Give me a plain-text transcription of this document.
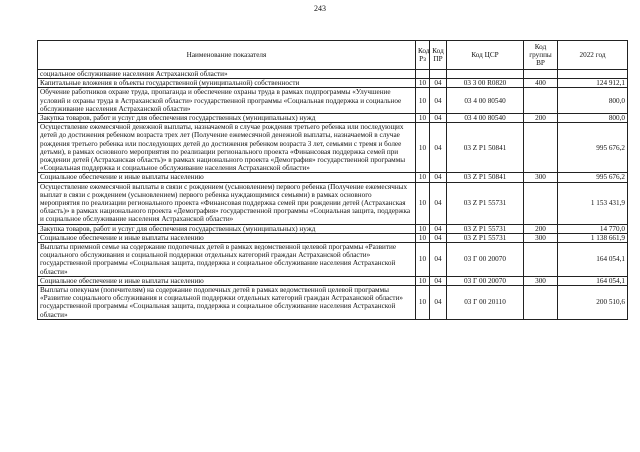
243
Наименование показателя	Код Рз	Код ПР	Код ЦСР	Код группы ВР	2022 год
социальное обслуживание населения Астраханской области»					
Капитальные вложения в объекты государственной (муниципальной) собственности	10	04	03 3 00 R0820	400	124 912,1
Обучение работников охране труда, пропаганда и обеспечение охраны труда в рамках подпрограммы «Улучшение условий и охраны труда в Астраханской области» государственной программы «Социальная поддержка и социальное обслуживание населения Астраханской области»	10	04	03 4 00 80540		800,0
Закупка товаров, работ и услуг для обеспечения государственных (муниципальных) нужд	10	04	03 4 00 80540	200	800,0
Осуществление ежемесячной денежной выплаты, назначаемой в случае рождения третьего ребенка или последующих детей до достижения ребенком возраста трех лет (Получение ежемесячной денежной выплаты, назначаемой в случае рождения третьего ребенка или последующих детей до достижения ребенком возраста 3 лет, семьями с тремя и более детьми), в рамках основного мероприятия по реализации регионального проекта «Финансовая поддержка семей при рождении детей (Астраханская область)» в рамках национального проекта «Демография» государственной программы «Социальная поддержка и социальное обслуживание населения Астраханской области»	10	04	03 Z P1 50841		995 676,2
Социальное обеспечение и иные выплаты населению	10	04	03 Z P1 50841	300	995 676,2
Осуществление ежемесячной выплаты в связи с рождением (усыновлением) первого ребенка (Получение ежемесячных выплат в связи с рождением (усыновлением) первого ребенка нуждающимися семьями) в рамках основного мероприятия по реализации регионального проекта «Финансовая поддержка семей при рождении детей (Астраханская область)» в рамках национального проекта «Демография» государственной программы «Социальная защита, поддержка и социальное обслуживание населения Астраханской области»	10	04	03 Z P1 55731		1 153 431,9
Закупка товаров, работ и услуг для обеспечения государственных (муниципальных) нужд	10	04	03 Z P1 55731	200	14 770,0
Социальное обеспечение и иные выплаты населению	10	04	03 Z P1 55731	300	1 138 661,9
Выплаты приемной семье на содержание подопечных детей в рамках ведомственной целевой программы «Развитие социального обслуживания и социальной поддержки отдельных категорий граждан Астраханской области» государственной программы «Социальная защита, поддержка и социальное обслуживание населения Астраханской области»	10	04	03 Г 00 20070		164 054,1
Социальное обеспечение и иные выплаты населению	10	04	03 Г 00 20070	300	164 054,1
Выплаты опекунам (попечителям) на содержание подопечных детей в рамках ведомственной целевой программы «Развитие социального обслуживания и социальной поддержки отдельных категорий граждан Астраханской области» государственной программы «Социальная защита, поддержка и социальное обслуживание населения Астраханской области»	10	04	03 Г 00 20110		200 510,6
